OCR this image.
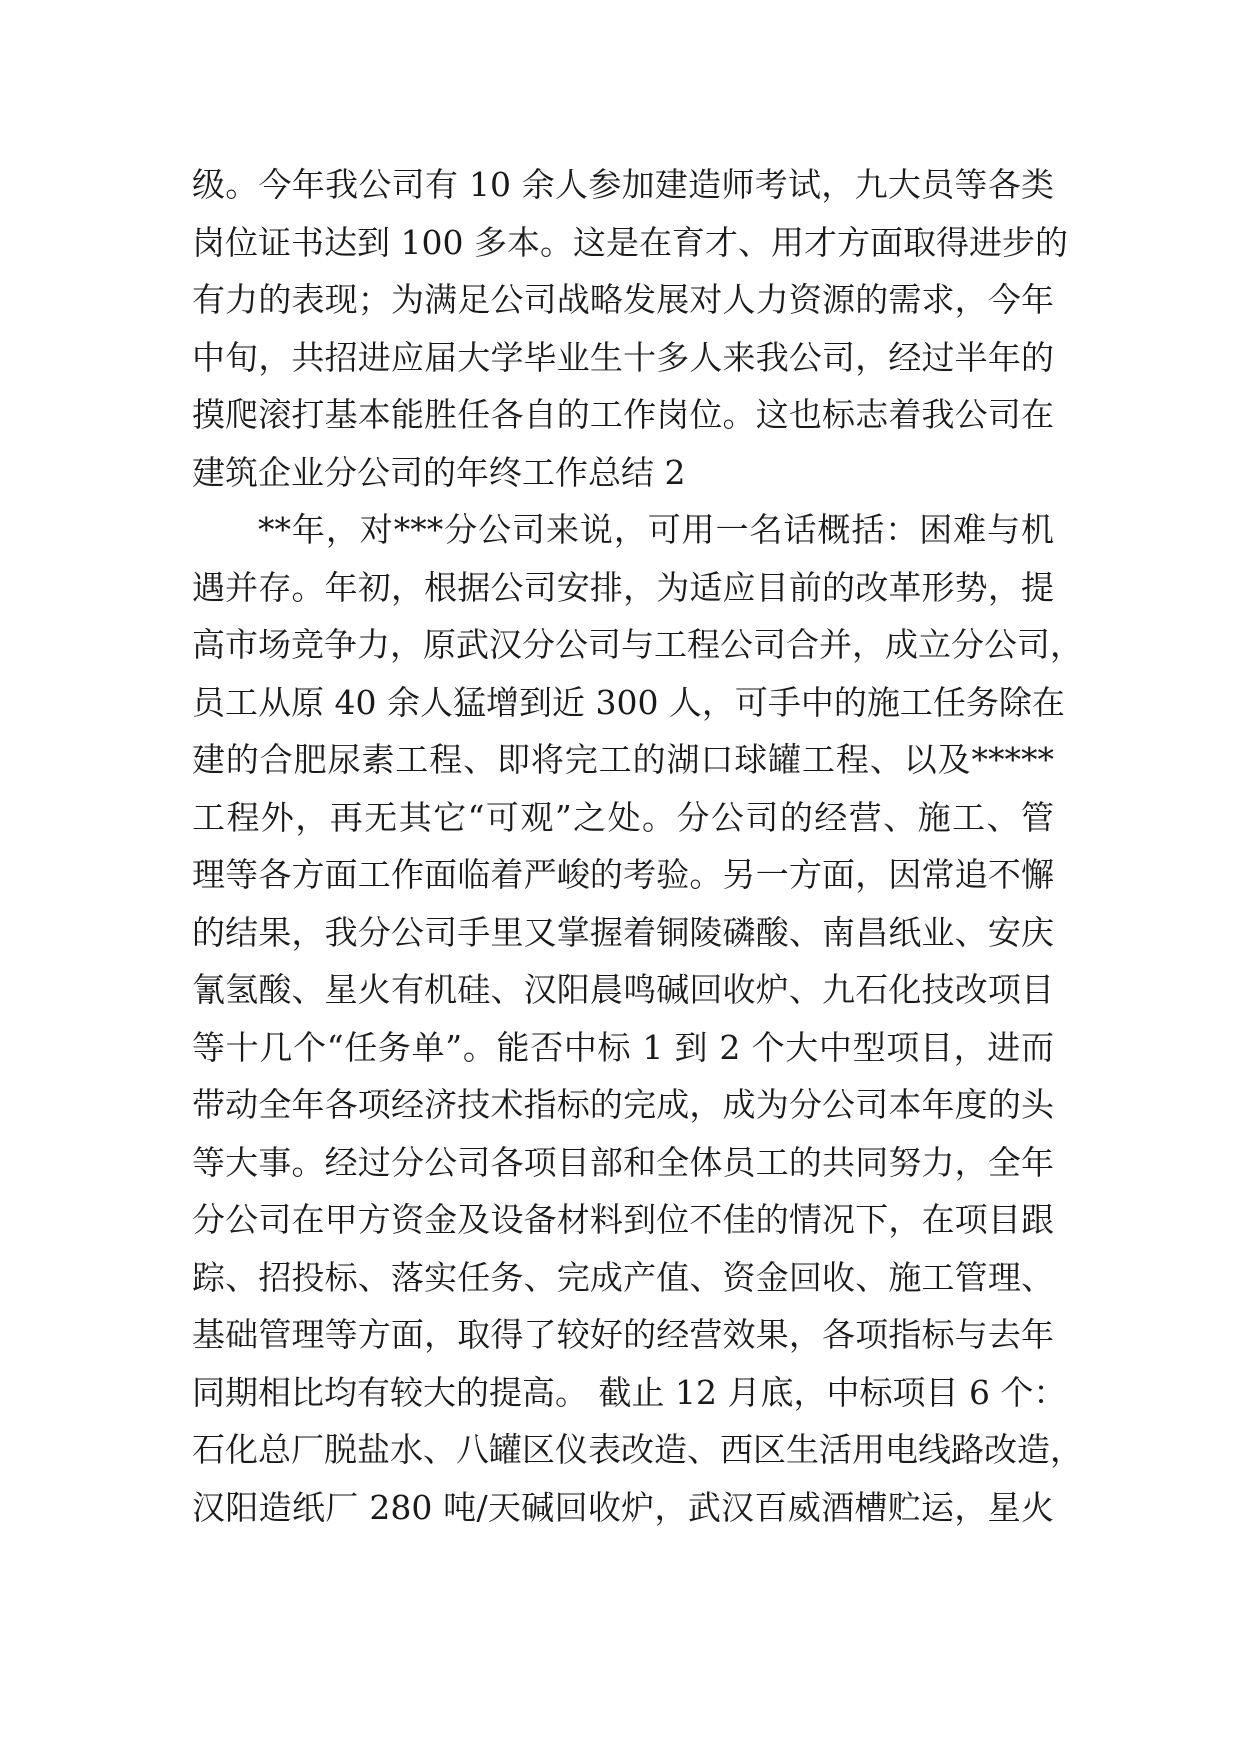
级。今年我公司有 10 余人参加建造师考试，九大员等各类
岗位证书达到 100 多本。这是在育才、用才方面取得进步的
有力的表现；为满足公司战略发展对人力资源的需求，今年
中旬，共招进应届大学毕业生十多人来我公司，经过半年的
摸爬滚打基本能胜任各自的工作岗位。这也标志着我公司在
建筑企业分公司的年终工作总结 2
**年，对***分公司来说，可用一名话概括：困难与机
遇并存。年初，根据公司安排，为适应目前的改革形势，提
高市场竞争力，原武汉分公司与工程公司合并，成立分公司，
员工从原 40 余人猛增到近 300 人，可手中的施工任务除在
建的合肥尿素工程、即将完工的湖口球罐工程、以及*****
工程外，再无其它“可观”之处。分公司的经营、施工、管
理等各方面工作面临着严峻的考验。另一方面，因常追不懈
的结果，我分公司手里又掌握着铜陵磷酸、南昌纸业、安庆
氰氢酸、星火有机硅、汉阳晨鸣碱回收炉、九石化技改项目
等十几个“任务单”。能否中标 1 到 2 个大中型项目，进而
带动全年各项经济技术指标的完成，成为分公司本年度的头
等大事。经过分公司各项目部和全体员工的共同努力，全年
分公司在甲方资金及设备材料到位不佳的情况下，在项目跟
踪、招投标、落实任务、完成产值、资金回收、施工管理、
基础管理等方面，取得了较好的经营效果，各项指标与去年
同期相比均有较大的提高。 截止 12 月底，中标项目 6 个：
石化总厂脱盐水、八罐区仪表改造、西区生活用电线路改造，
汉阳造纸厂 280 吨/天碱回收炉，武汉百威酒槽贮运，星火
